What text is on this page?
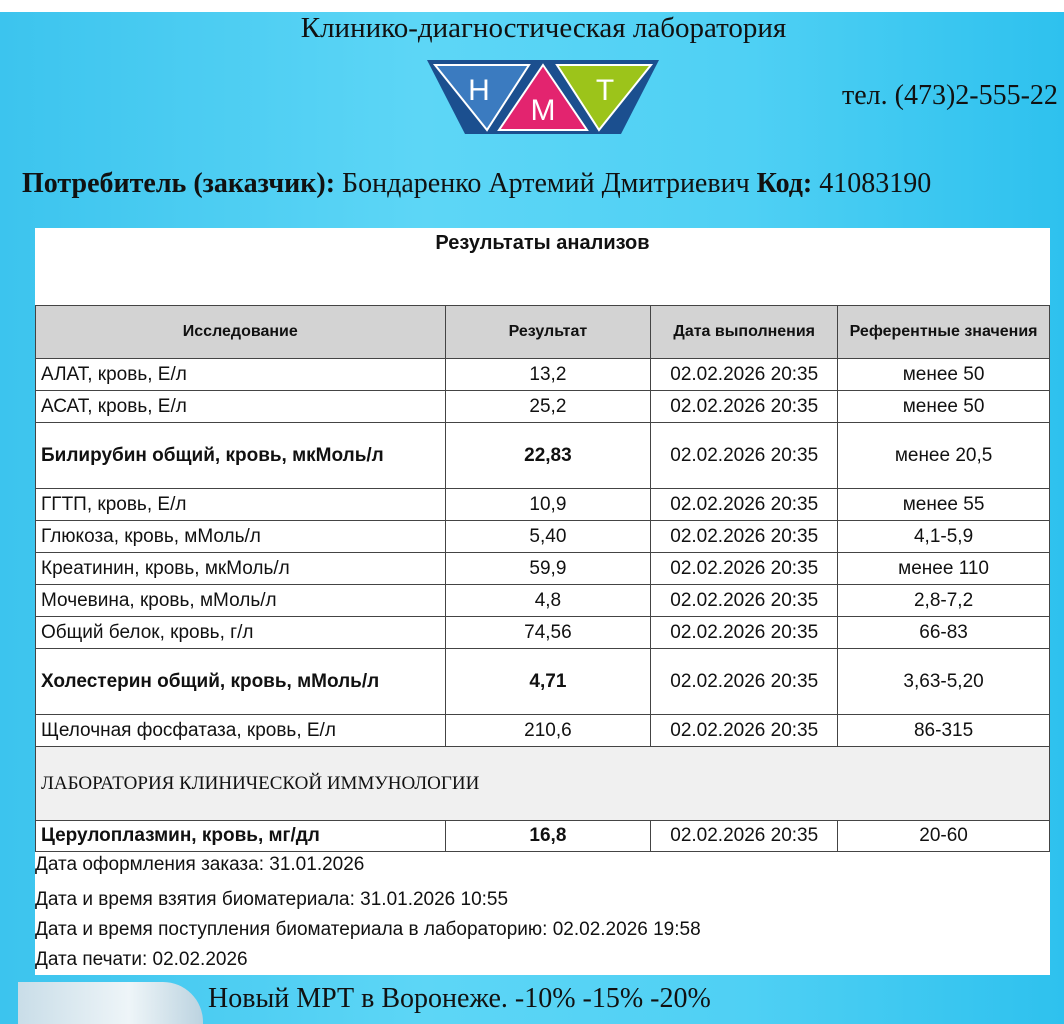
Клинико-диагностическая лаборатория
Н
М
Т	тел. (473)2-555-22
Потребитель (заказчик): Бондаренко Артемий Дмитриевич Код: 41083190
Результаты анализов
Исследование	Результат	Дата выполнения	Референтные значения
АЛАТ, кровь, Е/л	13,2	02.02.2026 20:35	менее 50
АСАТ, кровь, Е/л	25,2	02.02.2026 20:35	менее 50
Билирубин общий, кровь, мкМоль/л	22,83	02.02.2026 20:35	менее 20,5
ГГТП, кровь, Е/л	10,9	02.02.2026 20:35	менее 55
Глюкоза, кровь, мМоль/л	5,40	02.02.2026 20:35	4,1-5,9
Креатинин, кровь, мкМоль/л	59,9	02.02.2026 20:35	менее 110
Мочевина, кровь, мМоль/л	4,8	02.02.2026 20:35	2,8-7,2
Общий белок, кровь, г/л	74,56	02.02.2026 20:35	66-83
Холестерин общий, кровь, мМоль/л	4,71	02.02.2026 20:35	3,63-5,20
Щелочная фосфатаза, кровь, Е/л	210,6	02.02.2026 20:35	86-315
ЛАБОРАТОРИЯ КЛИНИЧЕСКОЙ ИММУНОЛОГИИ			
Церулоплазмин, кровь, мг/дл	16,8	02.02.2026 20:35	20-60
Дата оформления заказа: 31.01.2026
Дата и время взятия биоматериала: 31.01.2026 10:55
Дата и время поступления биоматериала в лабораторию: 02.02.2026 19:58
Дата печати: 02.02.2026
Новый МРТ в Воронеже. -10% -15% -20%
